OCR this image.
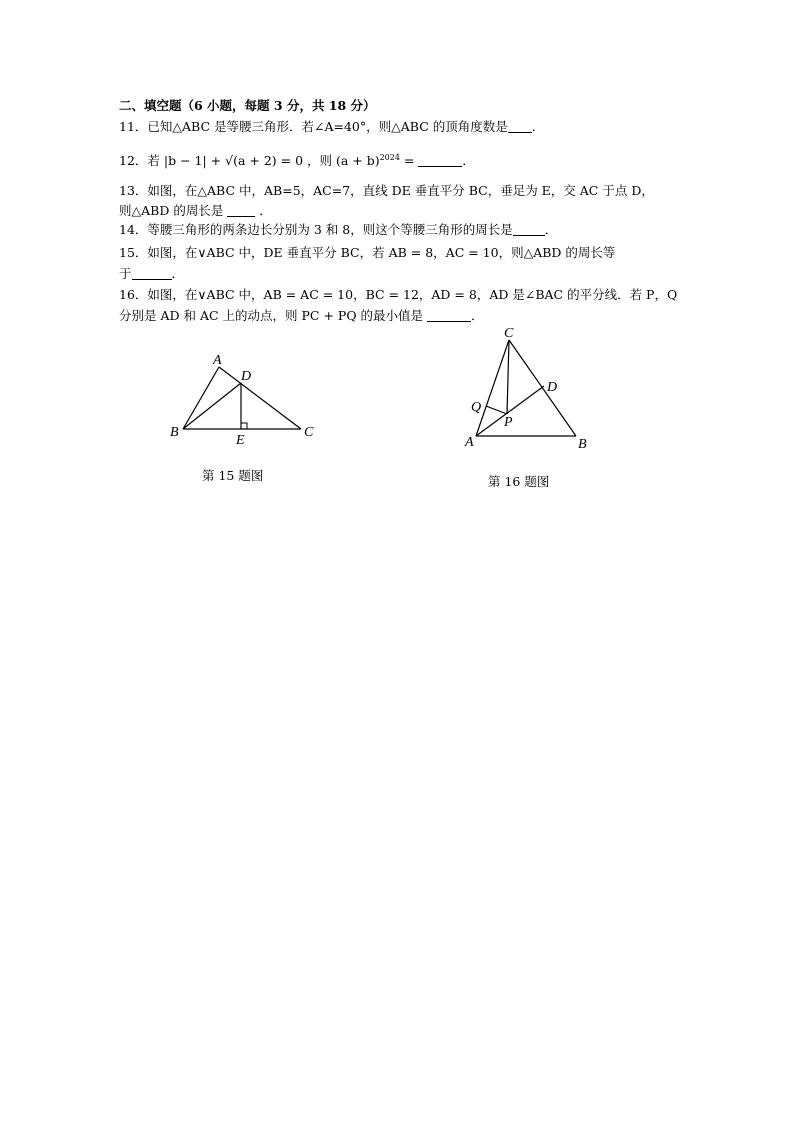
二、填空题（6 小题，每题 3 分，共 18 分）
11．已知△ABC 是等腰三角形．若∠A=40°，则△ABC 的顶角度数是 ．
12．若 |b − 1| + √(a + 2) = 0 ，则 $(a + b)^{2024}$ =	．
13．如图，在△ABC 中，AB=5，AC=7，直线 DE 垂直平分 BC，垂足为 E，交 AC 于点 D，
则△ABD 的周长是	．
14．等腰三角形的两条边长分别为 3 和 8，则这个等腰三角形的周长是	．
15．如图，在∨ABC 中，DE 垂直平分 BC，若 AB = 8，AC = 10，则△ABD 的周长等
于	．
16．如图，在∨ABC 中，AB = AC = 10，BC = 12，AD = 8，AD 是∠BAC 的平分线．若 P，Q
分别是 AD 和 AC 上的动点，则 PC + PQ 的最小值是	．
A
B	C
D
E
第 15 题图
C
D
Q
P
A	B
第 16 题图
